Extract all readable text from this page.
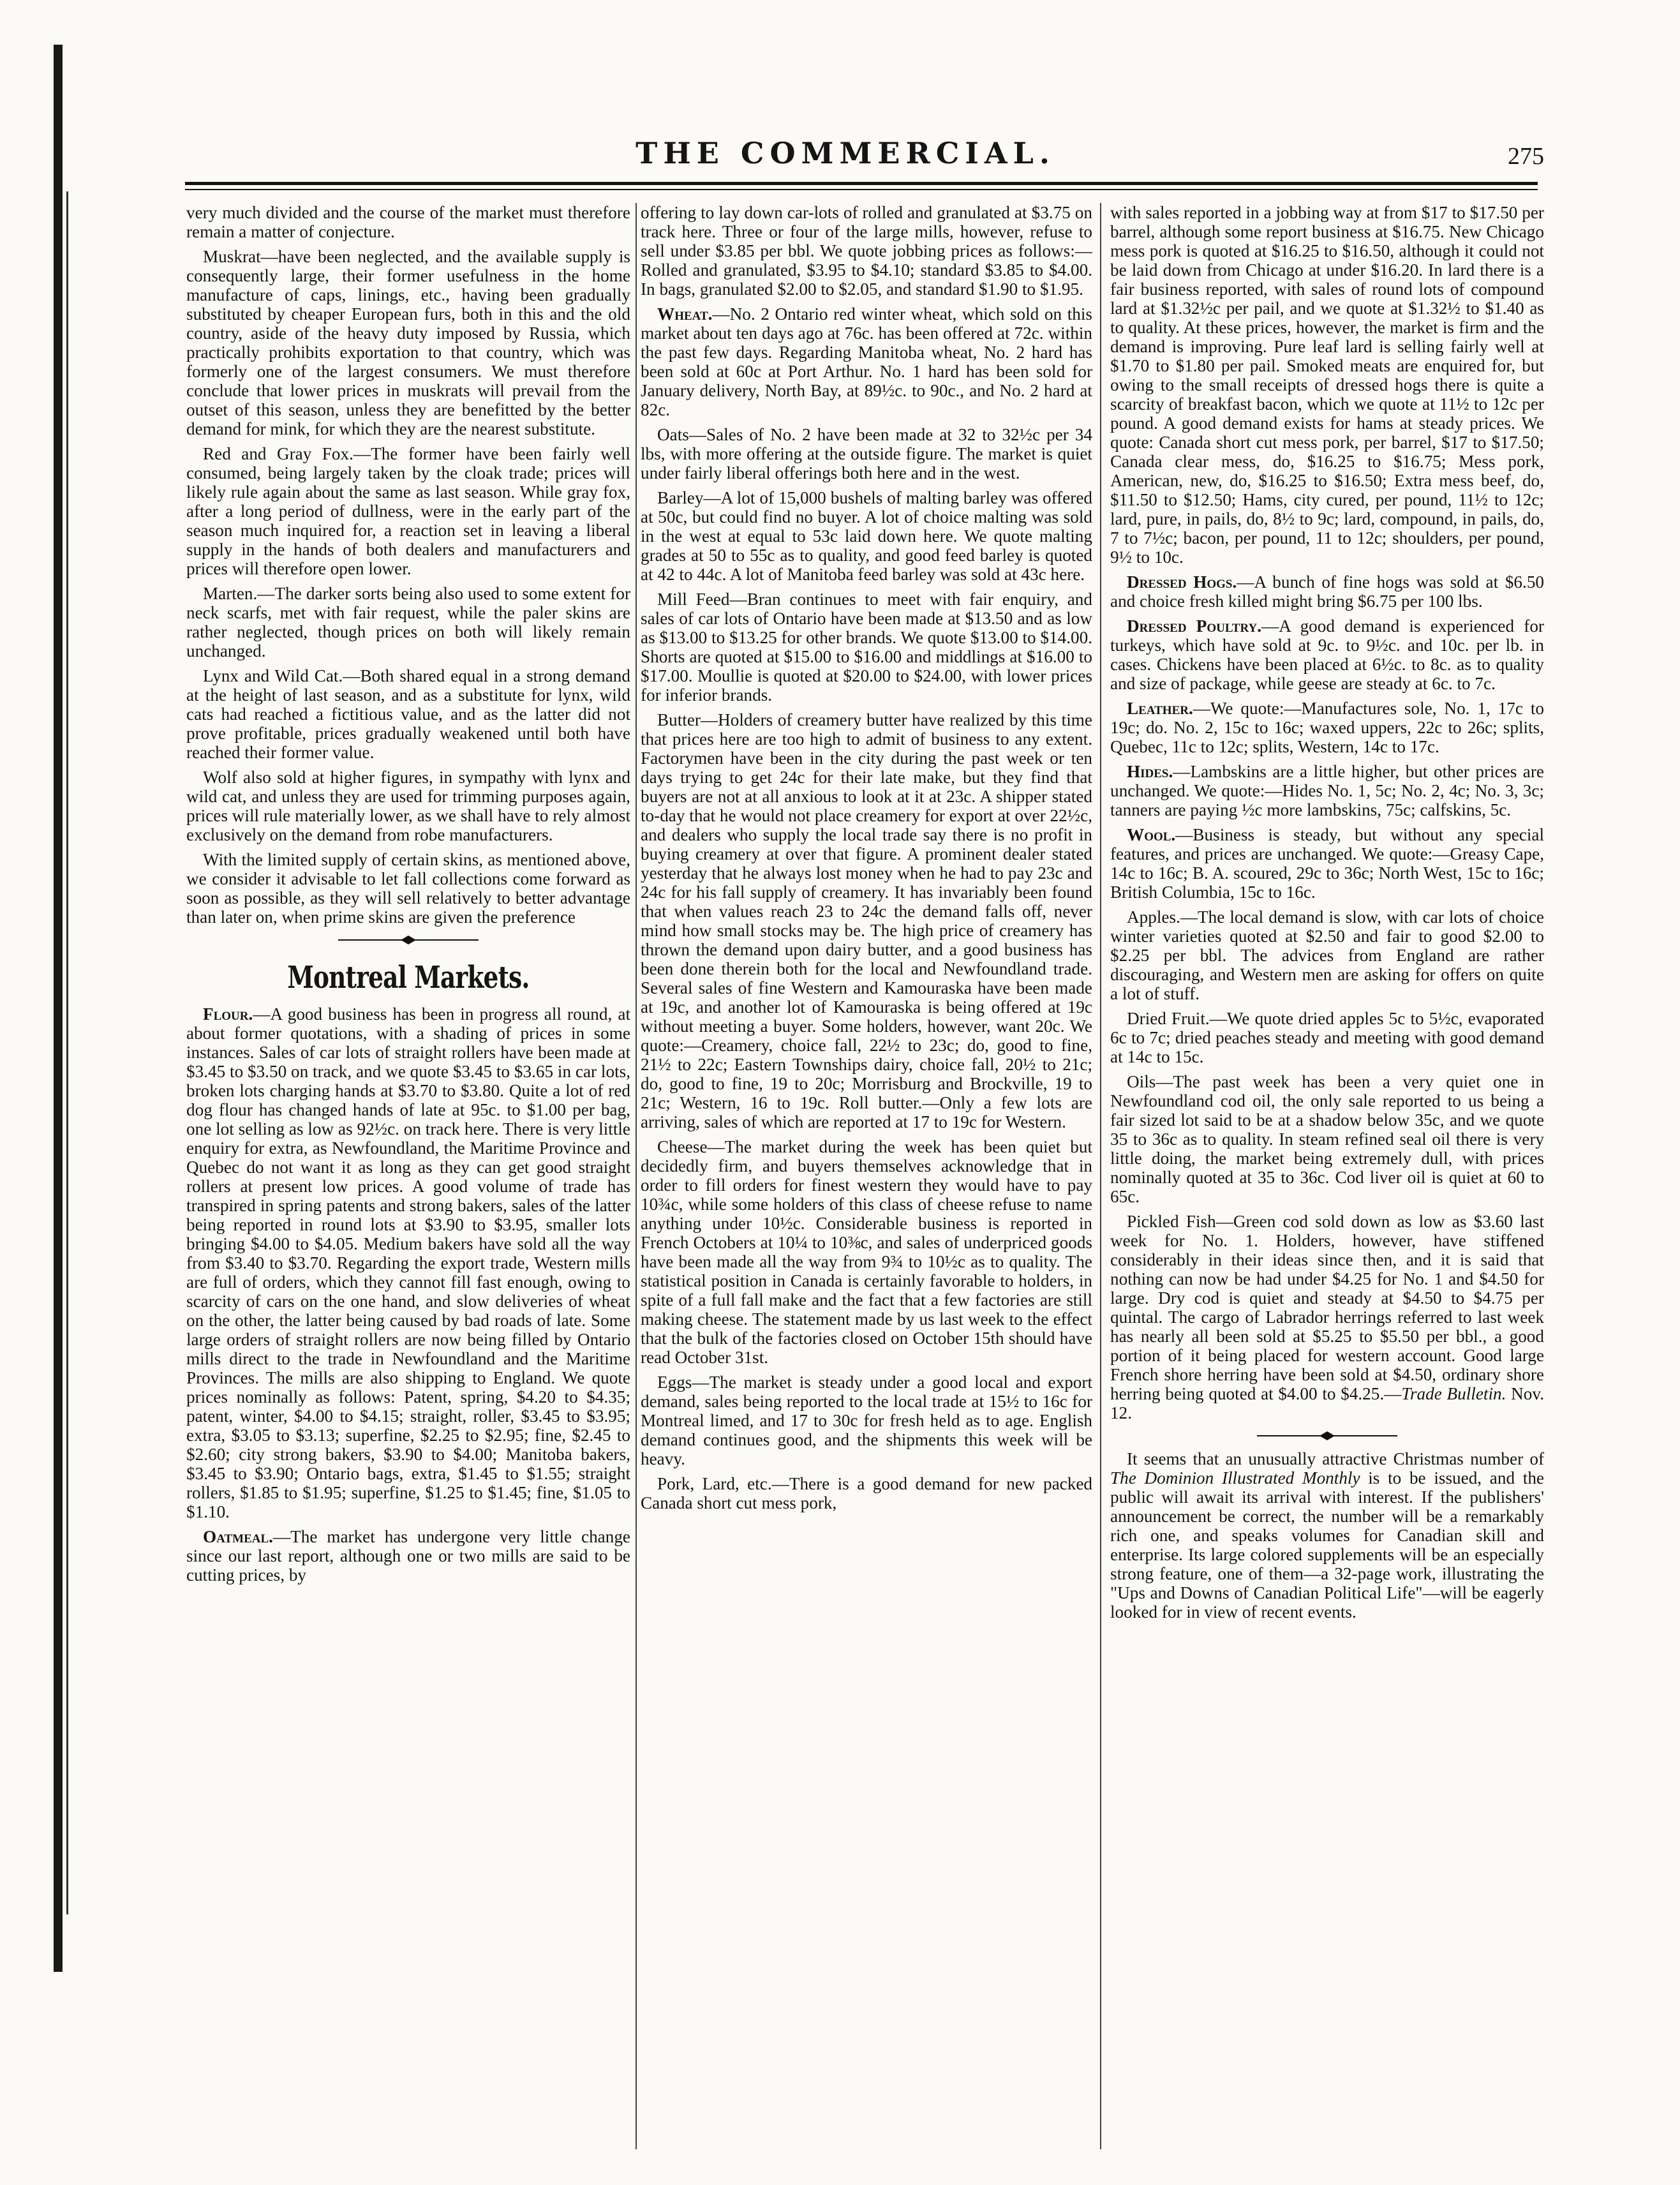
THE COMMERCIAL.	275

very much divided and the course of the market must therefore remain a matter of conjecture.

Muskrat—have been neglected, and the available supply is consequently large, their former usefulness in the home manufacture of caps, linings, etc., having been gradually substituted by cheaper European furs, both in this and the old country, aside of the heavy duty imposed by Russia, which practically prohibits exportation to that country, which was formerly one of the largest consumers. We must therefore conclude that lower prices in muskrats will prevail from the outset of this season, unless they are benefitted by the better demand for mink, for which they are the nearest substitute.

Red and Gray Fox.—The former have been fairly well consumed, being largely taken by the cloak trade; prices will likely rule again about the same as last season. While gray fox, after a long period of dullness, were in the early part of the season much inquired for, a reaction set in leaving a liberal supply in the hands of both dealers and manufacturers and prices will therefore open lower.

Marten.—The darker sorts being also used to some extent for neck scarfs, met with fair request, while the paler skins are rather neglected, though prices on both will likely remain unchanged.

Lynx and Wild Cat.—Both shared equal in a strong demand at the height of last season, and as a substitute for lynx, wild cats had reached a fictitious value, and as the latter did not prove profitable, prices gradually weakened until both have reached their former value.

Wolf also sold at higher figures, in sympathy with lynx and wild cat, and unless they are used for trimming purposes again, prices will rule materially lower, as we shall have to rely almost exclusively on the demand from robe manufacturers.

With the limited supply of certain skins, as mentioned above, we consider it advisable to let fall collections come forward as soon as possible, as they will sell relatively to better advantage than later on, when prime skins are given the preference

Montreal Markets.

Flour.—A good business has been in progress all round, at about former quotations, with a shading of prices in some instances. Sales of car lots of straight rollers have been made at $3.45 to $3.50 on track, and we quote $3.45 to $3.65 in car lots, broken lots charging hands at $3.70 to $3.80. Quite a lot of red dog flour has changed hands of late at 95c. to $1.00 per bag, one lot selling as low as 92½c. on track here. There is very little enquiry for extra, as Newfoundland, the Maritime Province and Quebec do not want it as long as they can get good straight rollers at present low prices. A good volume of trade has transpired in spring patents and strong bakers, sales of the latter being reported in round lots at $3.90 to $3.95, smaller lots bringing $4.00 to $4.05. Medium bakers have sold all the way from $3.40 to $3.70. Regarding the export trade, Western mills are full of orders, which they cannot fill fast enough, owing to scarcity of cars on the one hand, and slow deliveries of wheat on the other, the latter being caused by bad roads of late. Some large orders of straight rollers are now being filled by Ontario mills direct to the trade in Newfoundland and the Maritime Provinces. The mills are also shipping to England. We quote prices nominally as follows: Patent, spring, $4.20 to $4.35; patent, winter, $4.00 to $4.15; straight, roller, $3.45 to $3.95; extra, $3.05 to $3.13; superfine, $2.25 to $2.95; fine, $2.45 to $2.60; city strong bakers, $3.90 to $4.00; Manitoba bakers, $3.45 to $3.90; Ontario bags, extra, $1.45 to $1.55; straight rollers, $1.85 to $1.95; superfine, $1.25 to $1.45; fine, $1.05 to $1.10.

Oatmeal.—The market has undergone very little change since our last report, although one or two mills are said to be cutting prices, by

offering to lay down car-lots of rolled and granulated at $3.75 on track here. Three or four of the large mills, however, refuse to sell under $3.85 per bbl. We quote jobbing prices as follows:—Rolled and granulated, $3.95 to $4.10; standard $3.85 to $4.00. In bags, granulated $2.00 to $2.05, and standard $1.90 to $1.95.

Wheat.—No. 2 Ontario red winter wheat, which sold on this market about ten days ago at 76c. has been offered at 72c. within the past few days. Regarding Manitoba wheat, No. 2 hard has been sold at 60c at Port Arthur. No. 1 hard has been sold for January delivery, North Bay, at 89½c. to 90c., and No. 2 hard at 82c.

Oats—Sales of No. 2 have been made at 32 to 32½c per 34 lbs, with more offering at the outside figure. The market is quiet under fairly liberal offerings both here and in the west.

Barley—A lot of 15,000 bushels of malting barley was offered at 50c, but could find no buyer. A lot of choice malting was sold in the west at equal to 53c laid down here. We quote malting grades at 50 to 55c as to quality, and good feed barley is quoted at 42 to 44c. A lot of Manitoba feed barley was sold at 43c here.

Mill Feed—Bran continues to meet with fair enquiry, and sales of car lots of Ontario have been made at $13.50 and as low as $13.00 to $13.25 for other brands. We quote $13.00 to $14.00. Shorts are quoted at $15.00 to $16.00 and middlings at $16.00 to $17.00. Moullie is quoted at $20.00 to $24.00, with lower prices for inferior brands.

Butter—Holders of creamery butter have realized by this time that prices here are too high to admit of business to any extent. Factorymen have been in the city during the past week or ten days trying to get 24c for their late make, but they find that buyers are not at all anxious to look at it at 23c. A shipper stated to-day that he would not place creamery for export at over 22½c, and dealers who supply the local trade say there is no profit in buying creamery at over that figure. A prominent dealer stated yesterday that he always lost money when he had to pay 23c and 24c for his fall supply of creamery. It has invariably been found that when values reach 23 to 24c the demand falls off, never mind how small stocks may be. The high price of creamery has thrown the demand upon dairy butter, and a good business has been done therein both for the local and Newfoundland trade. Several sales of fine Western and Kamouraska have been made at 19c, and another lot of Kamouraska is being offered at 19c without meeting a buyer. Some holders, however, want 20c. We quote:—Creamery, choice fall, 22½ to 23c; do, good to fine, 21½ to 22c; Eastern Townships dairy, choice fall, 20½ to 21c; do, good to fine, 19 to 20c; Morrisburg and Brockville, 19 to 21c; Western, 16 to 19c. Roll butter.—Only a few lots are arriving, sales of which are reported at 17 to 19c for Western.

Cheese—The market during the week has been quiet but decidedly firm, and buyers themselves acknowledge that in order to fill orders for finest western they would have to pay 10¾c, while some holders of this class of cheese refuse to name anything under 10½c. Considerable business is reported in French Octobers at 10¼ to 10⅜c, and sales of underpriced goods have been made all the way from 9¾ to 10½c as to quality. The statistical position in Canada is certainly favorable to holders, in spite of a full fall make and the fact that a few factories are still making cheese. The statement made by us last week to the effect that the bulk of the factories closed on October 15th should have read October 31st.

Eggs—The market is steady under a good local and export demand, sales being reported to the local trade at 15½ to 16c for Montreal limed, and 17 to 30c for fresh held as to age. English demand continues good, and the shipments this week will be heavy.

Pork, Lard, etc.—There is a good demand for new packed Canada short cut mess pork,

with sales reported in a jobbing way at from $17 to $17.50 per barrel, although some report business at $16.75. New Chicago mess pork is quoted at $16.25 to $16.50, although it could not be laid down from Chicago at under $16.20. In lard there is a fair business reported, with sales of round lots of compound lard at $1.32½c per pail, and we quote at $1.32½ to $1.40 as to quality. At these prices, however, the market is firm and the demand is improving. Pure leaf lard is selling fairly well at $1.70 to $1.80 per pail. Smoked meats are enquired for, but owing to the small receipts of dressed hogs there is quite a scarcity of breakfast bacon, which we quote at 11½ to 12c per pound. A good demand exists for hams at steady prices. We quote: Canada short cut mess pork, per barrel, $17 to $17.50; Canada clear mess, do, $16.25 to $16.75; Mess pork, American, new, do, $16.25 to $16.50; Extra mess beef, do, $11.50 to $12.50; Hams, city cured, per pound, 11½ to 12c; lard, pure, in pails, do, 8½ to 9c; lard, compound, in pails, do, 7 to 7½c; bacon, per pound, 11 to 12c; shoulders, per pound, 9½ to 10c.

Dressed Hogs.—A bunch of fine hogs was sold at $6.50 and choice fresh killed might bring $6.75 per 100 lbs.

Dressed Poultry.—A good demand is experienced for turkeys, which have sold at 9c. to 9½c. and 10c. per lb. in cases. Chickens have been placed at 6½c. to 8c. as to quality and size of package, while geese are steady at 6c. to 7c.

Leather.—We quote:—Manufactures sole, No. 1, 17c to 19c; do. No. 2, 15c to 16c; waxed uppers, 22c to 26c; splits, Quebec, 11c to 12c; splits, Western, 14c to 17c.

Hides.—Lambskins are a little higher, but other prices are unchanged. We quote:—Hides No. 1, 5c; No. 2, 4c; No. 3, 3c; tanners are paying ½c more lambskins, 75c; calfskins, 5c.

Wool.—Business is steady, but without any special features, and prices are unchanged. We quote:—Greasy Cape, 14c to 16c; B. A. scoured, 29c to 36c; North West, 15c to 16c; British Columbia, 15c to 16c.

Apples.—The local demand is slow, with car lots of choice winter varieties quoted at $2.50 and fair to good $2.00 to $2.25 per bbl. The advices from England are rather discouraging, and Western men are asking for offers on quite a lot of stuff.

Dried Fruit.—We quote dried apples 5c to 5½c, evaporated 6c to 7c; dried peaches steady and meeting with good demand at 14c to 15c.

Oils—The past week has been a very quiet one in Newfoundland cod oil, the only sale reported to us being a fair sized lot said to be at a shadow below 35c, and we quote 35 to 36c as to quality. In steam refined seal oil there is very little doing, the market being extremely dull, with prices nominally quoted at 35 to 36c. Cod liver oil is quiet at 60 to 65c.

Pickled Fish—Green cod sold down as low as $3.60 last week for No. 1. Holders, however, have stiffened considerably in their ideas since then, and it is said that nothing can now be had under $4.25 for No. 1 and $4.50 for large. Dry cod is quiet and steady at $4.50 to $4.75 per quintal. The cargo of Labrador herrings referred to last week has nearly all been sold at $5.25 to $5.50 per bbl., a good portion of it being placed for western account. Good large French shore herring have been sold at $4.50, ordinary shore herring being quoted at $4.00 to $4.25.—Trade Bulletin. Nov. 12.

It seems that an unusually attractive Christmas number of The Dominion Illustrated Monthly is to be issued, and the public will await its arrival with interest. If the publishers' announcement be correct, the number will be a remarkably rich one, and speaks volumes for Canadian skill and enterprise. Its large colored supplements will be an especially strong feature, one of them—a 32-page work, illustrating the "Ups and Downs of Canadian Political Life"—will be eagerly looked for in view of recent events.
